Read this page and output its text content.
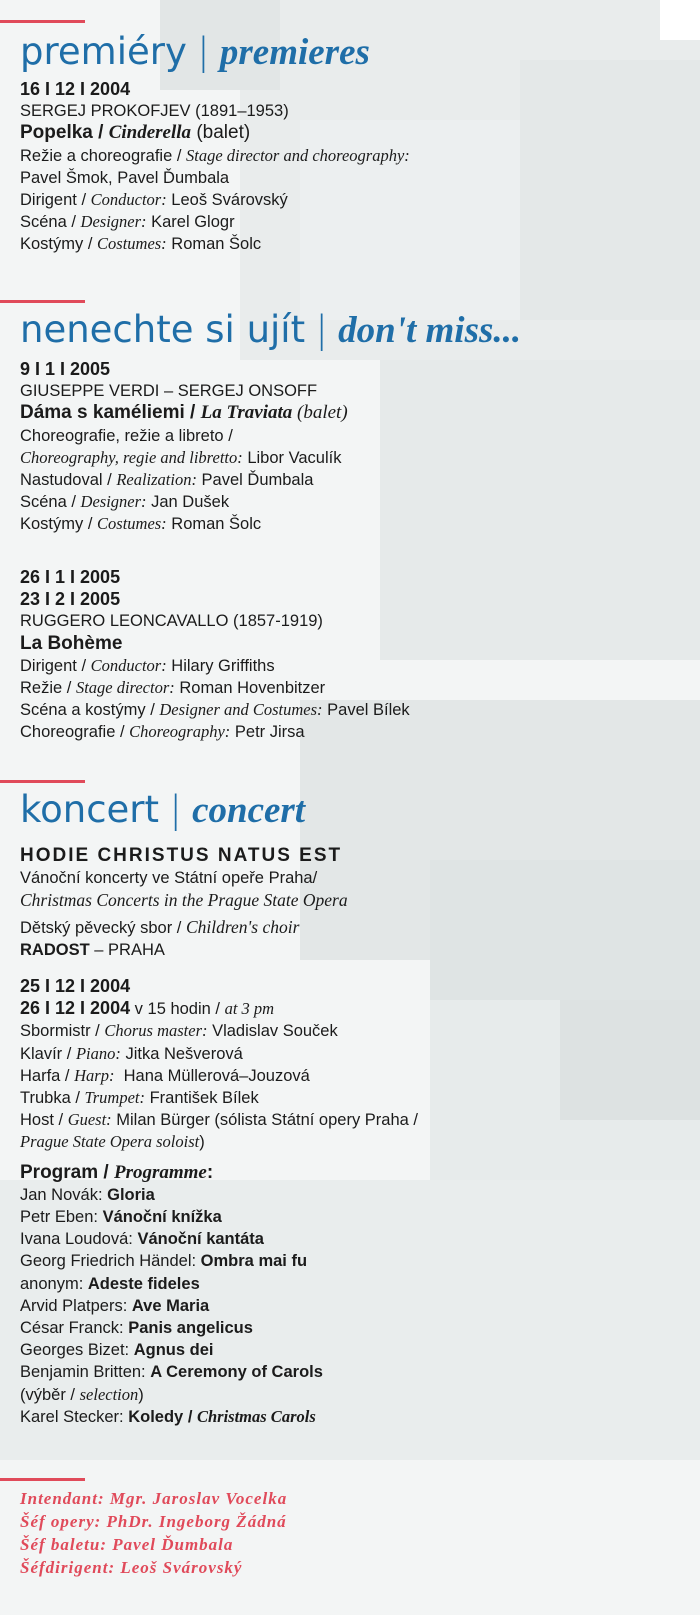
premiéry | premieres
16 I 12 I 2004
SERGEJ PROKOFJEV (1891–1953)
Popelka / Cinderella (balet)
Režie a choreografie / Stage director and choreography:
Pavel Šmok, Pavel Ďumbala
Dirigent / Conductor: Leoš Svárovský
Scéna / Designer: Karel Glogr
Kostýmy / Costumes: Roman Šolc
nenechte si ujít | don't miss...
9 I 1 I 2005
GIUSEPPE VERDI – SERGEJ ONSOFF
Dáma s kaméliemi / La Traviata (balet)
Choreografie, režie a libreto /
Choreography, regie and libretto: Libor Vaculík
Nastudoval / Realization: Pavel Ďumbala
Scéna / Designer: Jan Dušek
Kostýmy / Costumes: Roman Šolc
26 I 1 I 2005
23 I 2 I 2005
RUGGERO LEONCAVALLO (1857-1919)
La Bohème
Dirigent / Conductor: Hilary Griffiths
Režie / Stage director: Roman Hovenbitzer
Scéna a kostýmy / Designer and Costumes: Pavel Bílek
Choreografie / Choreography: Petr Jirsa
koncert | concert
HODIE CHRISTUS NATUS EST
Vánoční koncerty ve Státní opeře Praha/
Christmas Concerts in the Prague State Opera
Dětský pěvecký sbor / Children's choir
RADOST – PRAHA
25 I 12 I 2004
26 I 12 I 2004 v 15 hodin / at 3 pm
Sbormistr / Chorus master: Vladislav Souček
Klavír / Piano: Jitka Nešverová
Harfa / Harp:  Hana Müllerová–Jouzová
Trubka / Trumpet: František Bílek
Host / Guest: Milan Bürger (sólista Státní opery Praha /
Prague State Opera soloist)
Program / Programme:
Jan Novák: Gloria
Petr Eben: Vánoční knížka
Ivana Loudová: Vánoční kantáta
Georg Friedrich Händel: Ombra mai fu
anonym: Adeste fideles
Arvid Platpers: Ave Maria
César Franck: Panis angelicus
Georges Bizet: Agnus dei
Benjamin Britten: A Ceremony of Carols
(výběr / selection)
Karel Stecker: Koledy / Christmas Carols
Intendant: Mgr. Jaroslav Vocelka
Šéf opery: PhDr. Ingeborg Žádná
Šéf baletu: Pavel Ďumbala
Šéfdirigent: Leoš Svárovský
